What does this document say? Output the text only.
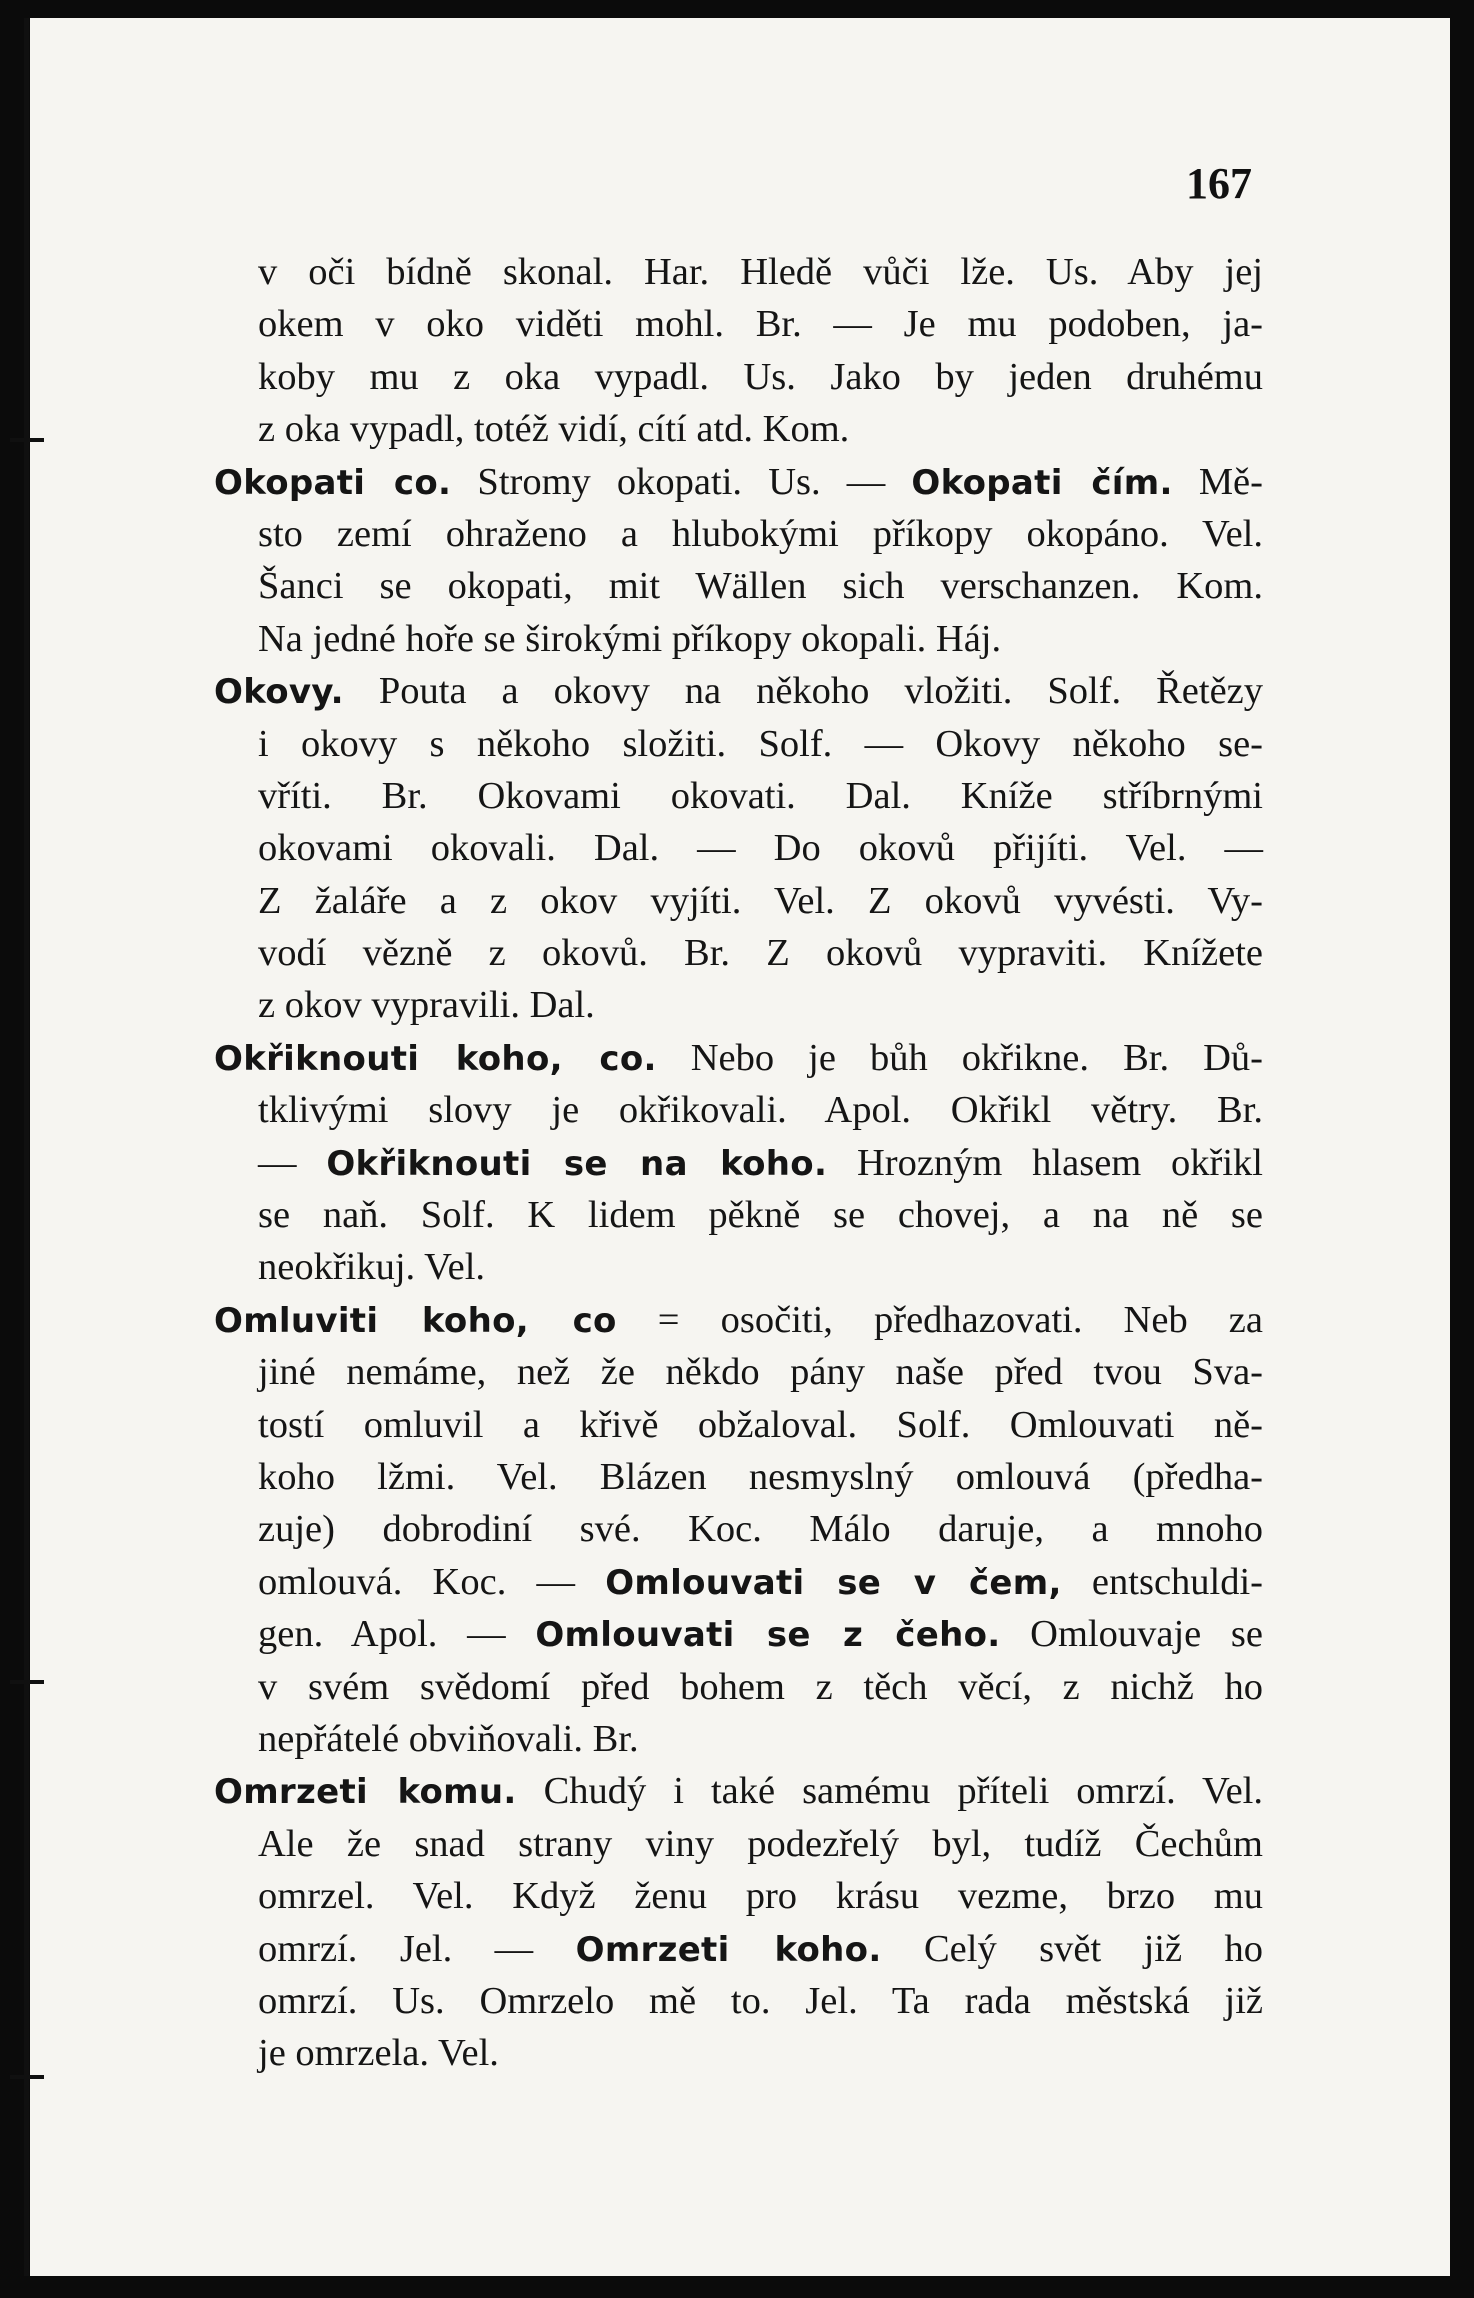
167
v oči bídně skonal. Har. Hledě vůči lže. Us. Aby jej
okem v oko viděti mohl. Br. — Je mu podoben, ja-
koby mu z oka vypadl. Us. Jako by jeden druhému
z oka vypadl, totéž vidí, cítí atd. Kom.
Okopati co. Stromy okopati. Us. — Okopati čím. Mě-
sto zemí ohraženo a hlubokými příkopy okopáno. Vel.
Šanci se okopati, mit Wällen sich verschanzen. Kom.
Na jedné hoře se širokými příkopy okopali. Háj.
Okovy. Pouta a okovy na někoho vložiti. Solf. Řetězy
i okovy s někoho složiti. Solf. — Okovy někoho se-
vříti. Br. Okovami okovati. Dal. Kníže stříbrnými
okovami okovali. Dal. — Do okovů přijíti. Vel. —
Z žaláře a z okov vyjíti. Vel. Z okovů vyvésti. Vy-
vodí vězně z okovů. Br. Z okovů vypraviti. Knížete
z okov vypravili. Dal.
Okřiknouti koho, co. Nebo je bůh okřikne. Br. Dů-
tklivými slovy je okřikovali. Apol. Okřikl větry. Br.
— Okřiknouti se na koho. Hrozným hlasem okřikl
se naň. Solf. K lidem pěkně se chovej, a na ně se
neokřikuj. Vel.
Omluviti koho, co = osočiti, předhazovati. Neb za
jiné nemáme, než že někdo pány naše před tvou Sva-
tostí omluvil a křivě obžaloval. Solf. Omlouvati ně-
koho lžmi. Vel. Blázen nesmyslný omlouvá (předha-
zuje) dobrodiní své. Koc. Málo daruje, a mnoho
omlouvá. Koc. — Omlouvati se v čem, entschuldi-
gen. Apol. — Omlouvati se z čeho. Omlouvaje se
v svém svědomí před bohem z těch věcí, z nichž ho
nepřátelé obviňovali. Br.
Omrzeti komu. Chudý i také samému příteli omrzí. Vel.
Ale že snad strany viny podezřelý byl, tudíž Čechům
omrzel. Vel. Když ženu pro krásu vezme, brzo mu
omrzí. Jel. — Omrzeti koho. Celý svět již ho
omrzí. Us. Omrzelo mě to. Jel. Ta rada městská již
je omrzela. Vel.
